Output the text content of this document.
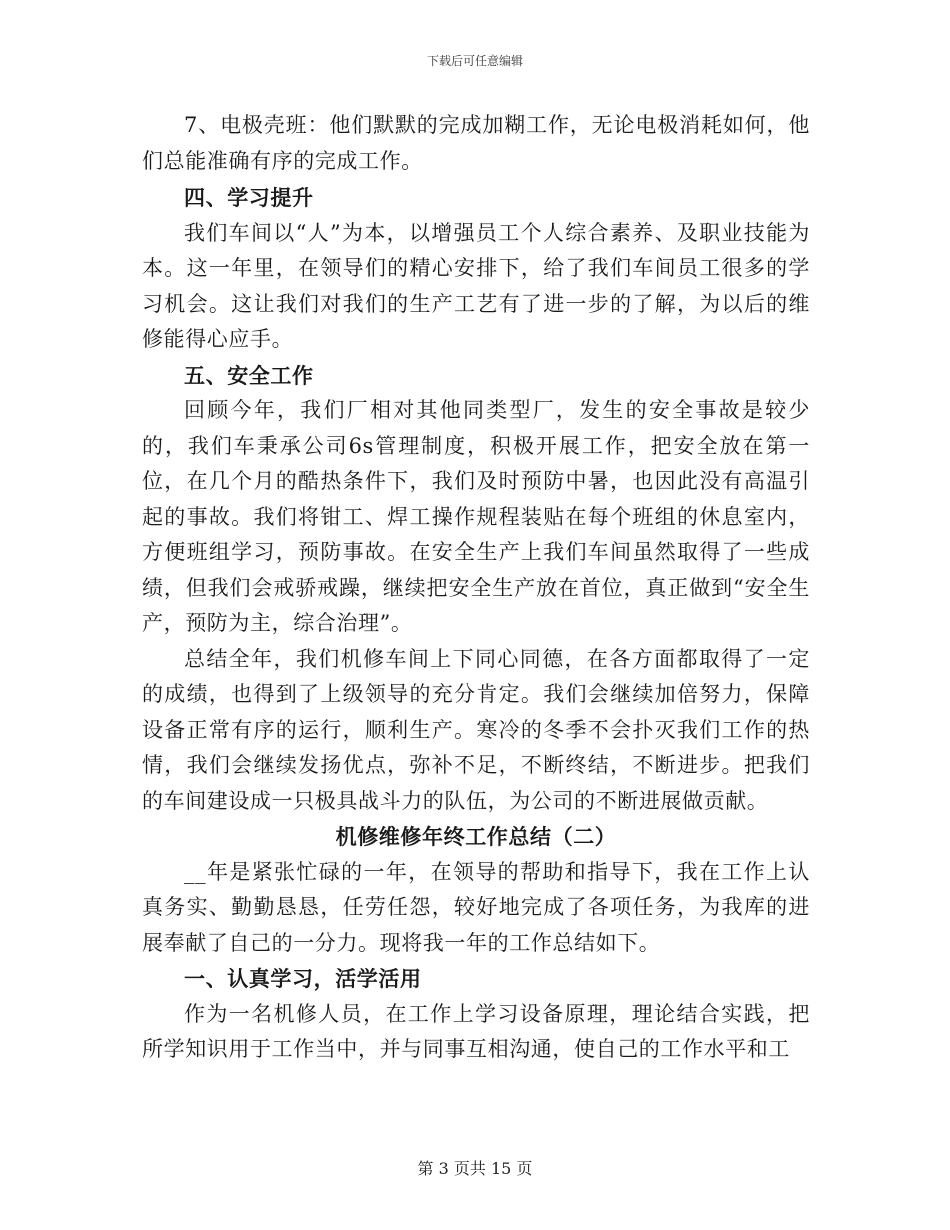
下载后可任意编辑

7、电极壳班：他们默默的完成加糊工作，无论电极消耗如何，他们总能准确有序的完成工作。

四、学习提升

我们车间以“人”为本，以增强员工个人综合素养、及职业技能为本。这一年里，在领导们的精心安排下，给了我们车间员工很多的学习机会。这让我们对我们的生产工艺有了进一步的了解，为以后的维修能得心应手。

五、安全工作

回顾今年，我们厂相对其他同类型厂，发生的安全事故是较少的，我们车秉承公司6s管理制度，积极开展工作，把安全放在第一位，在几个月的酷热条件下，我们及时预防中暑，也因此没有高温引起的事故。我们将钳工、焊工操作规程装贴在每个班组的休息室内，方便班组学习，预防事故。在安全生产上我们车间虽然取得了一些成绩，但我们会戒骄戒躁，继续把安全生产放在首位，真正做到“安全生产，预防为主，综合治理”。

总结全年，我们机修车间上下同心同德，在各方面都取得了一定的成绩，也得到了上级领导的充分肯定。我们会继续加倍努力，保障设备正常有序的运行，顺利生产。寒冷的冬季不会扑灭我们工作的热情，我们会继续发扬优点，弥补不足，不断终结，不断进步。把我们的车间建设成一只极具战斗力的队伍，为公司的不断进展做贡献。

机修维修年终工作总结（二）

__年是紧张忙碌的一年，在领导的帮助和指导下，我在工作上认真务实、勤勤恳恳，任劳任怨，较好地完成了各项任务，为我库的进展奉献了自己的一分力。现将我一年的工作总结如下。

一、认真学习，活学活用

作为一名机修人员，在工作上学习设备原理，理论结合实践，把所学知识用于工作当中，并与同事互相沟通，使自己的工作水平和工

第 3 页共 15 页
